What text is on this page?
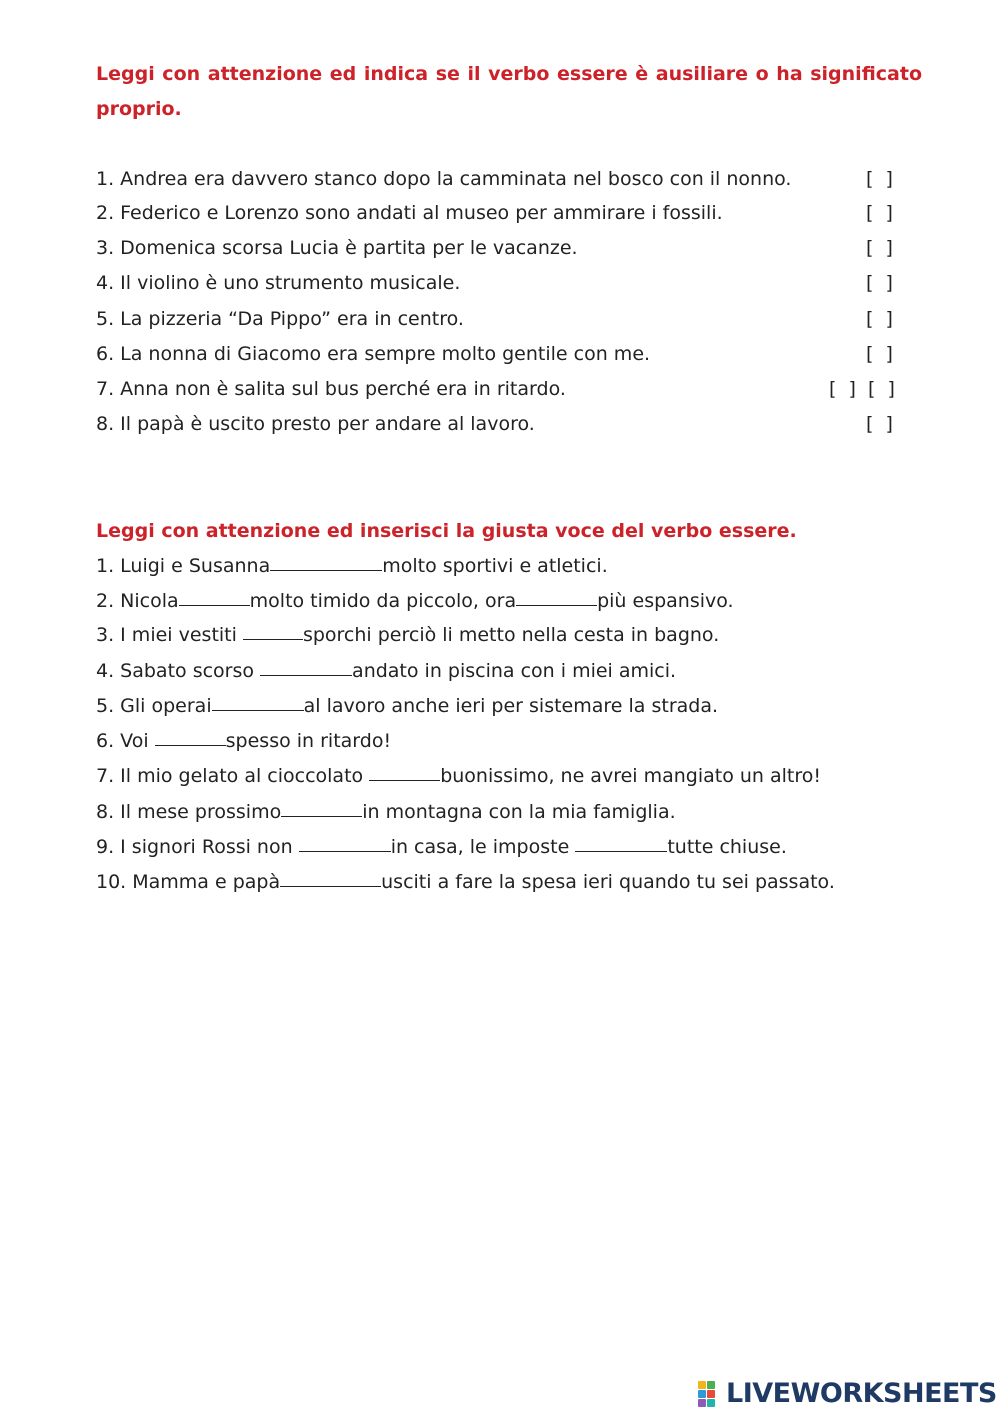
Leggi con attenzione ed indica se il verbo essere è ausiliare o ha significato proprio.

1. Andrea era davvero stanco dopo la camminata nel bosco con il nonno.	[  ]

2. Federico e Lorenzo sono andati al museo per ammirare i fossili.	[  ]

3. Domenica scorsa Lucia è partita per le vacanze.	[  ]

4. Il violino è uno strumento musicale.	[  ]

5. La pizzeria “Da Pippo” era in centro.	[  ]

6. La nonna di Giacomo era sempre molto gentile con me.	[  ]

7. Anna non è salita sul bus perché era in ritardo.	[  ]  [  ]

8. Il papà è uscito presto per andare al lavoro.	[  ]

Leggi con attenzione ed inserisci la giusta voce del verbo essere.

1. Luigi e Susanna	molto sportivi e atletici.

2. Nicola	molto timido da piccolo, ora	più espansivo.

3. I miei vestiti	sporchi perciò li metto nella cesta in bagno.

4. Sabato scorso	andato in piscina con i miei amici.

5. Gli operai	al lavoro anche ieri per sistemare la strada.

6. Voi	spesso in ritardo!

7. Il mio gelato al cioccolato	buonissimo, ne avrei mangiato un altro!

8. Il mese prossimo	in montagna con la mia famiglia.

9. I signori Rossi non	in casa, le imposte	tutte chiuse.

10. Mamma e papà	usciti a fare la spesa ieri quando tu sei passato.

LIVEWORKSHEETS
